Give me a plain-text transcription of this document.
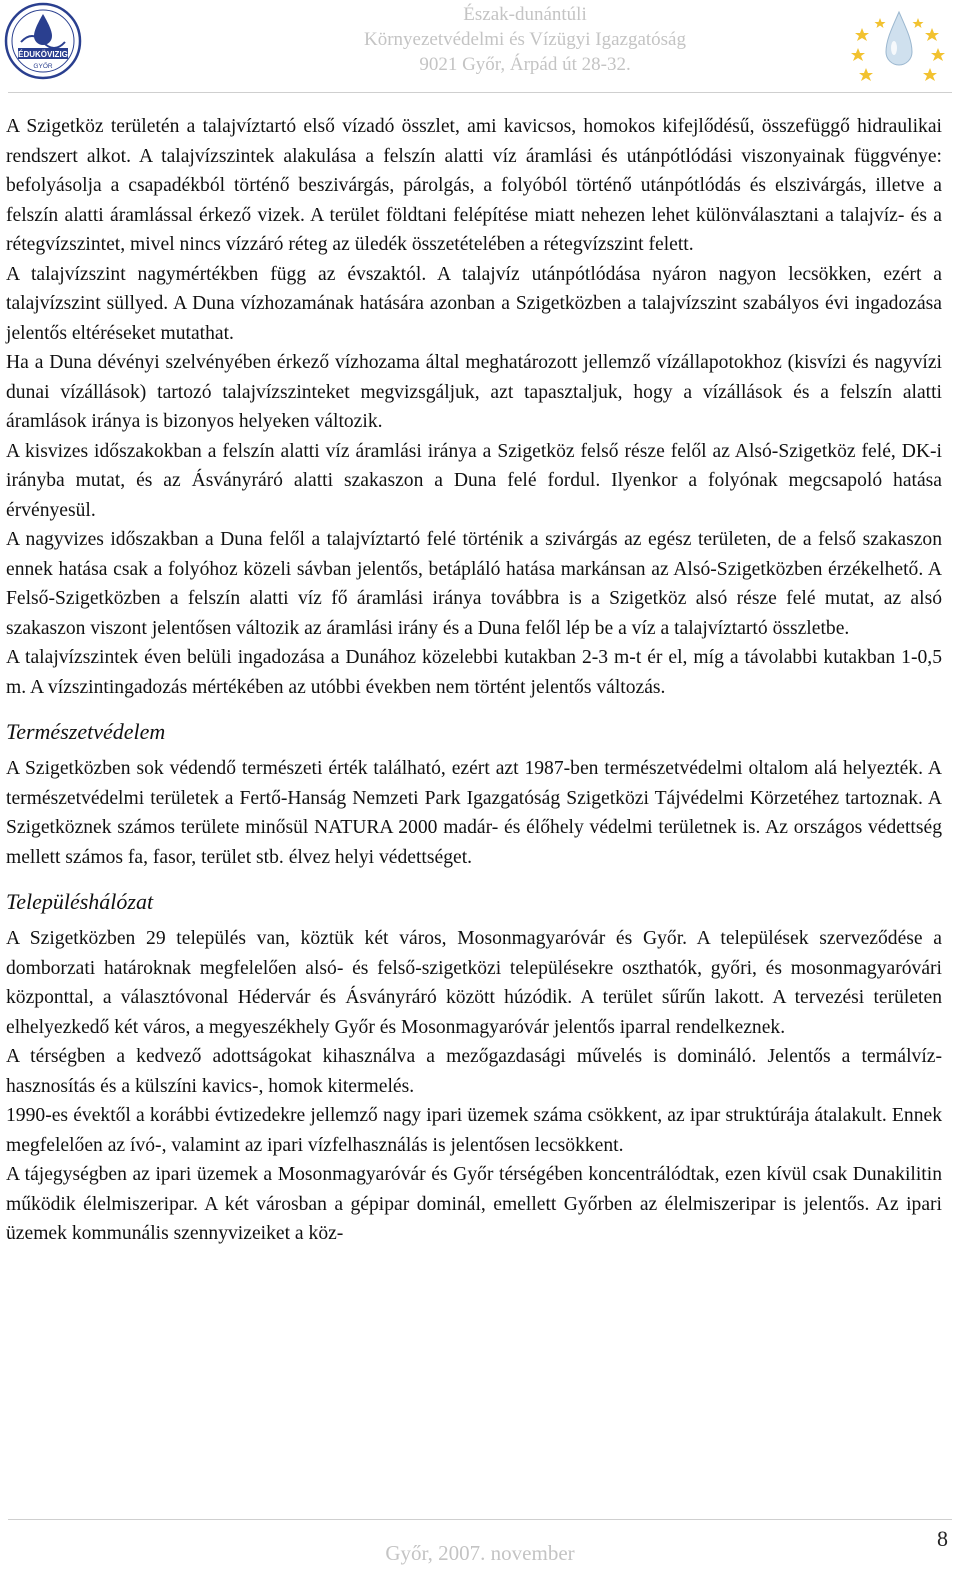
ÉDUKÖVIZIG
GYŐR
Észak-dunántúli
Környezetvédelmi és Vízügyi Igazgatóság
9021 Győr, Árpád út 28-32.

A Szigetköz területén a talajvíztartó első vízadó összlet, ami kavicsos, homokos kifejlődésű, összefüggő hidraulikai rendszert alkot. A talajvízszintek alakulása a felszín alatti víz áramlási és utánpótlódási viszonyainak függvénye: befolyásolja a csapadékból történő beszivárgás, párolgás, a folyóból történő utánpótlódás és elszivárgás, illetve a felszín alatti áramlással érkező vizek. A terület földtani felépítése miatt nehezen lehet különválasztani a talajvíz- és a rétegvízszintet, mivel nincs vízzáró réteg az üledék összetételében a rétegvízszint felett.

A talajvízszint nagymértékben függ az évszaktól. A talajvíz utánpótlódása nyáron nagyon lecsökken, ezért a talajvízszint süllyed. A Duna vízhozamának hatására azonban a Szigetközben a talajvízszint szabályos évi ingadozása jelentős eltéréseket mutathat.

Ha a Duna dévényi szelvényében érkező vízhozama által meghatározott jellemző vízállapotokhoz (kisvízi és nagyvízi dunai vízállások) tartozó talajvízszinteket megvizsgáljuk, azt tapasztaljuk, hogy a vízállások és a felszín alatti áramlások iránya is bizonyos helyeken változik.

A kisvizes időszakokban a felszín alatti víz áramlási iránya a Szigetköz felső része felől az Alsó-Szigetköz felé, DK-i irányba mutat, és az Ásványráró alatti szakaszon a Duna felé fordul. Ilyenkor a folyónak megcsapoló hatása érvényesül.

A nagyvizes időszakban a Duna felől a talajvíztartó felé történik a szivárgás az egész területen, de a felső szakaszon ennek hatása csak a folyóhoz közeli sávban jelentős, betápláló hatása markánsan az Alsó-Szigetközben érzékelhető. A Felső-Szigetközben a felszín alatti víz fő áramlási iránya továbbra is a Szigetköz alsó része felé mutat, az alsó szakaszon viszont jelentősen változik az áramlási irány és a Duna felől lép be a víz a talajvíztartó összletbe.

A talajvízszintek éven belüli ingadozása a Dunához közelebbi kutakban 2-3 m-t ér el, míg a távolabbi kutakban 1-0,5 m. A vízszintingadozás mértékében az utóbbi években nem történt jelentős változás.

Természetvédelem

A Szigetközben sok védendő természeti érték található, ezért azt 1987-ben természetvédelmi oltalom alá helyezték. A természetvédelmi területek a Fertő-Hanság Nemzeti Park Igazgatóság Szigetközi Tájvédelmi Körzetéhez tartoznak. A Szigetköznek számos területe minősül NATURA 2000 madár- és élőhely védelmi területnek is. Az országos védettség mellett számos fa, fasor, terület stb. élvez helyi védettséget.

Településhálózat

A Szigetközben 29 település van, köztük két város, Mosonmagyaróvár és Győr. A települések szerveződése a domborzati határoknak megfelelően alsó- és felső-szigetközi településekre oszthatók, győri, és mosonmagyaróvári központtal, a választóvonal Hédervár és Ásványráró között húzódik. A terület sűrűn lakott. A tervezési területen elhelyezkedő két város, a megyeszékhely Győr és Mosonmagyaróvár jelentős iparral rendelkeznek.

A térségben a kedvező adottságokat kihasználva a mezőgazdasági művelés is domináló. Jelentős a termálvíz-hasznosítás és a külszíni kavics-, homok kitermelés.

1990-es évektől a korábbi évtizedekre jellemző nagy ipari üzemek száma csökkent, az ipar struktúrája átalakult. Ennek megfelelően az ívó-, valamint az ipari vízfelhasználás is jelentősen lecsökkent.

A tájegységben az ipari üzemek a Mosonmagyaróvár és Győr térségében koncentrálódtak, ezen kívül csak Dunakilitin működik élelmiszeripar. A két városban a gépipar dominál, emellett Győrben az élelmiszeripar is jelentős. Az ipari üzemek kommunális szennyvizeiket a köz-

Győr, 2007. november
8
